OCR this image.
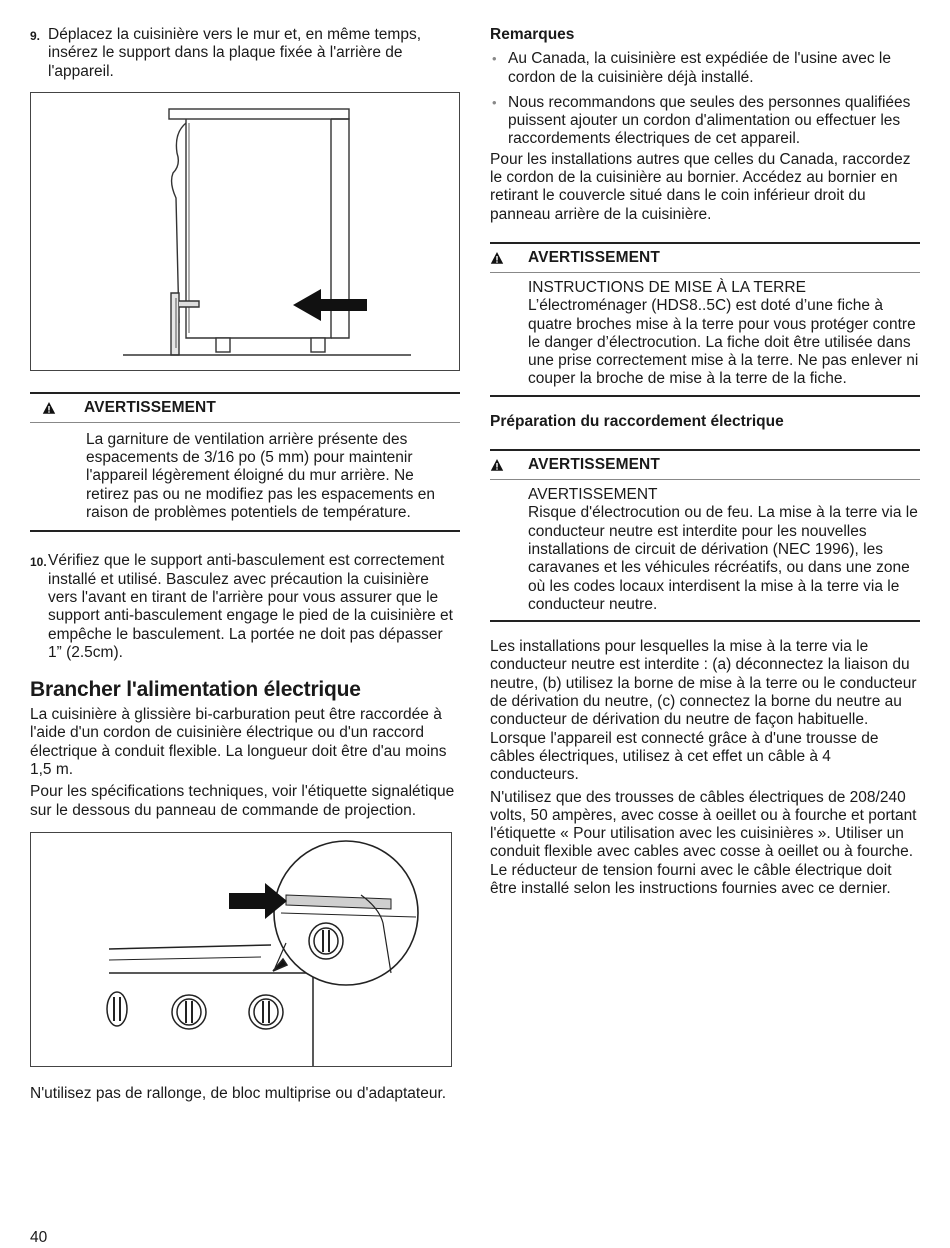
9. Déplacez la cuisinière vers le mur et, en même temps, insérez le support dans la plaque fixée à l'arrière de l'appareil.

AVERTISSEMENT

La garniture de ventilation arrière présente des espacements de 3/16 po (5 mm) pour maintenir l'appareil légèrement éloigné du mur arrière. Ne retirez pas ou ne modifiez pas les espacements en raison de problèmes potentiels de température.

10. Vérifiez que le support anti-basculement est correctement installé et utilisé. Basculez avec précaution la cuisinière vers l'avant en tirant de l'arrière pour vous assurer que le support anti-basculement engage le pied de la cuisinière et empêche le basculement. La portée ne doit pas dépasser 1” (2.5cm).

Brancher l'alimentation électrique

La cuisinière à glissière bi-carburation peut être raccordée à l'aide d'un cordon de cuisinière électrique ou d'un raccord électrique à conduit flexible. La longueur doit être d'au moins 1,5 m.

Pour les spécifications techniques, voir l'étiquette signalétique sur le dessous du panneau de commande de projection.

N'utilisez pas de rallonge, de bloc multiprise ou d'adaptateur.

Remarques
• Au Canada, la cuisinière est expédiée de l'usine avec le cordon de la cuisinière déjà installé.
• Nous recommandons que seules des personnes qualifiées puissent ajouter un cordon d'alimentation ou effectuer les raccordements électriques de cet appareil.

Pour les installations autres que celles du Canada, raccordez le cordon de la cuisinière au bornier. Accédez au bornier en retirant le couvercle situé dans le coin inférieur droit du panneau arrière de la cuisinière.

AVERTISSEMENT

INSTRUCTIONS DE MISE À LA TERRE

L’électroménager (HDS8..5C) est doté d’une fiche à quatre broches mise à la terre pour vous protéger contre le danger d’électrocution. La fiche doit être utilisée dans une prise correctement mise à la terre. Ne pas enlever ni couper la broche de mise à la terre de la fiche.

Préparation du raccordement électrique
AVERTISSEMENT

AVERTISSEMENT

Risque d'électrocution ou de feu. La mise à la terre via le conducteur neutre est interdite pour les nouvelles installations de circuit de dérivation (NEC 1996), les caravanes et les véhicules récréatifs, ou dans une zone où les codes locaux interdisent la mise à la terre via le conducteur neutre.

Les installations pour lesquelles la mise à la terre via le conducteur neutre est interdite : (a) déconnectez la liaison du neutre, (b) utilisez la borne de mise à la terre ou le conducteur de dérivation du neutre, (c) connectez la borne du neutre au conducteur de dérivation du neutre de façon habituelle. Lorsque l'appareil est connecté grâce à d'une trousse de câbles électriques, utilisez à cet effet un câble à 4 conducteurs.

N'utilisez que des trousses de câbles électriques de 208/240 volts, 50 ampères, avec cosse à oeillet ou à fourche et portant l'étiquette « Pour utilisation avec les cuisinières ». Utiliser un conduit flexible avec cables avec cosse à oeillet ou à fourche. Le réducteur de tension fourni avec le câble électrique doit être installé selon les instructions fournies avec ce dernier.

40
